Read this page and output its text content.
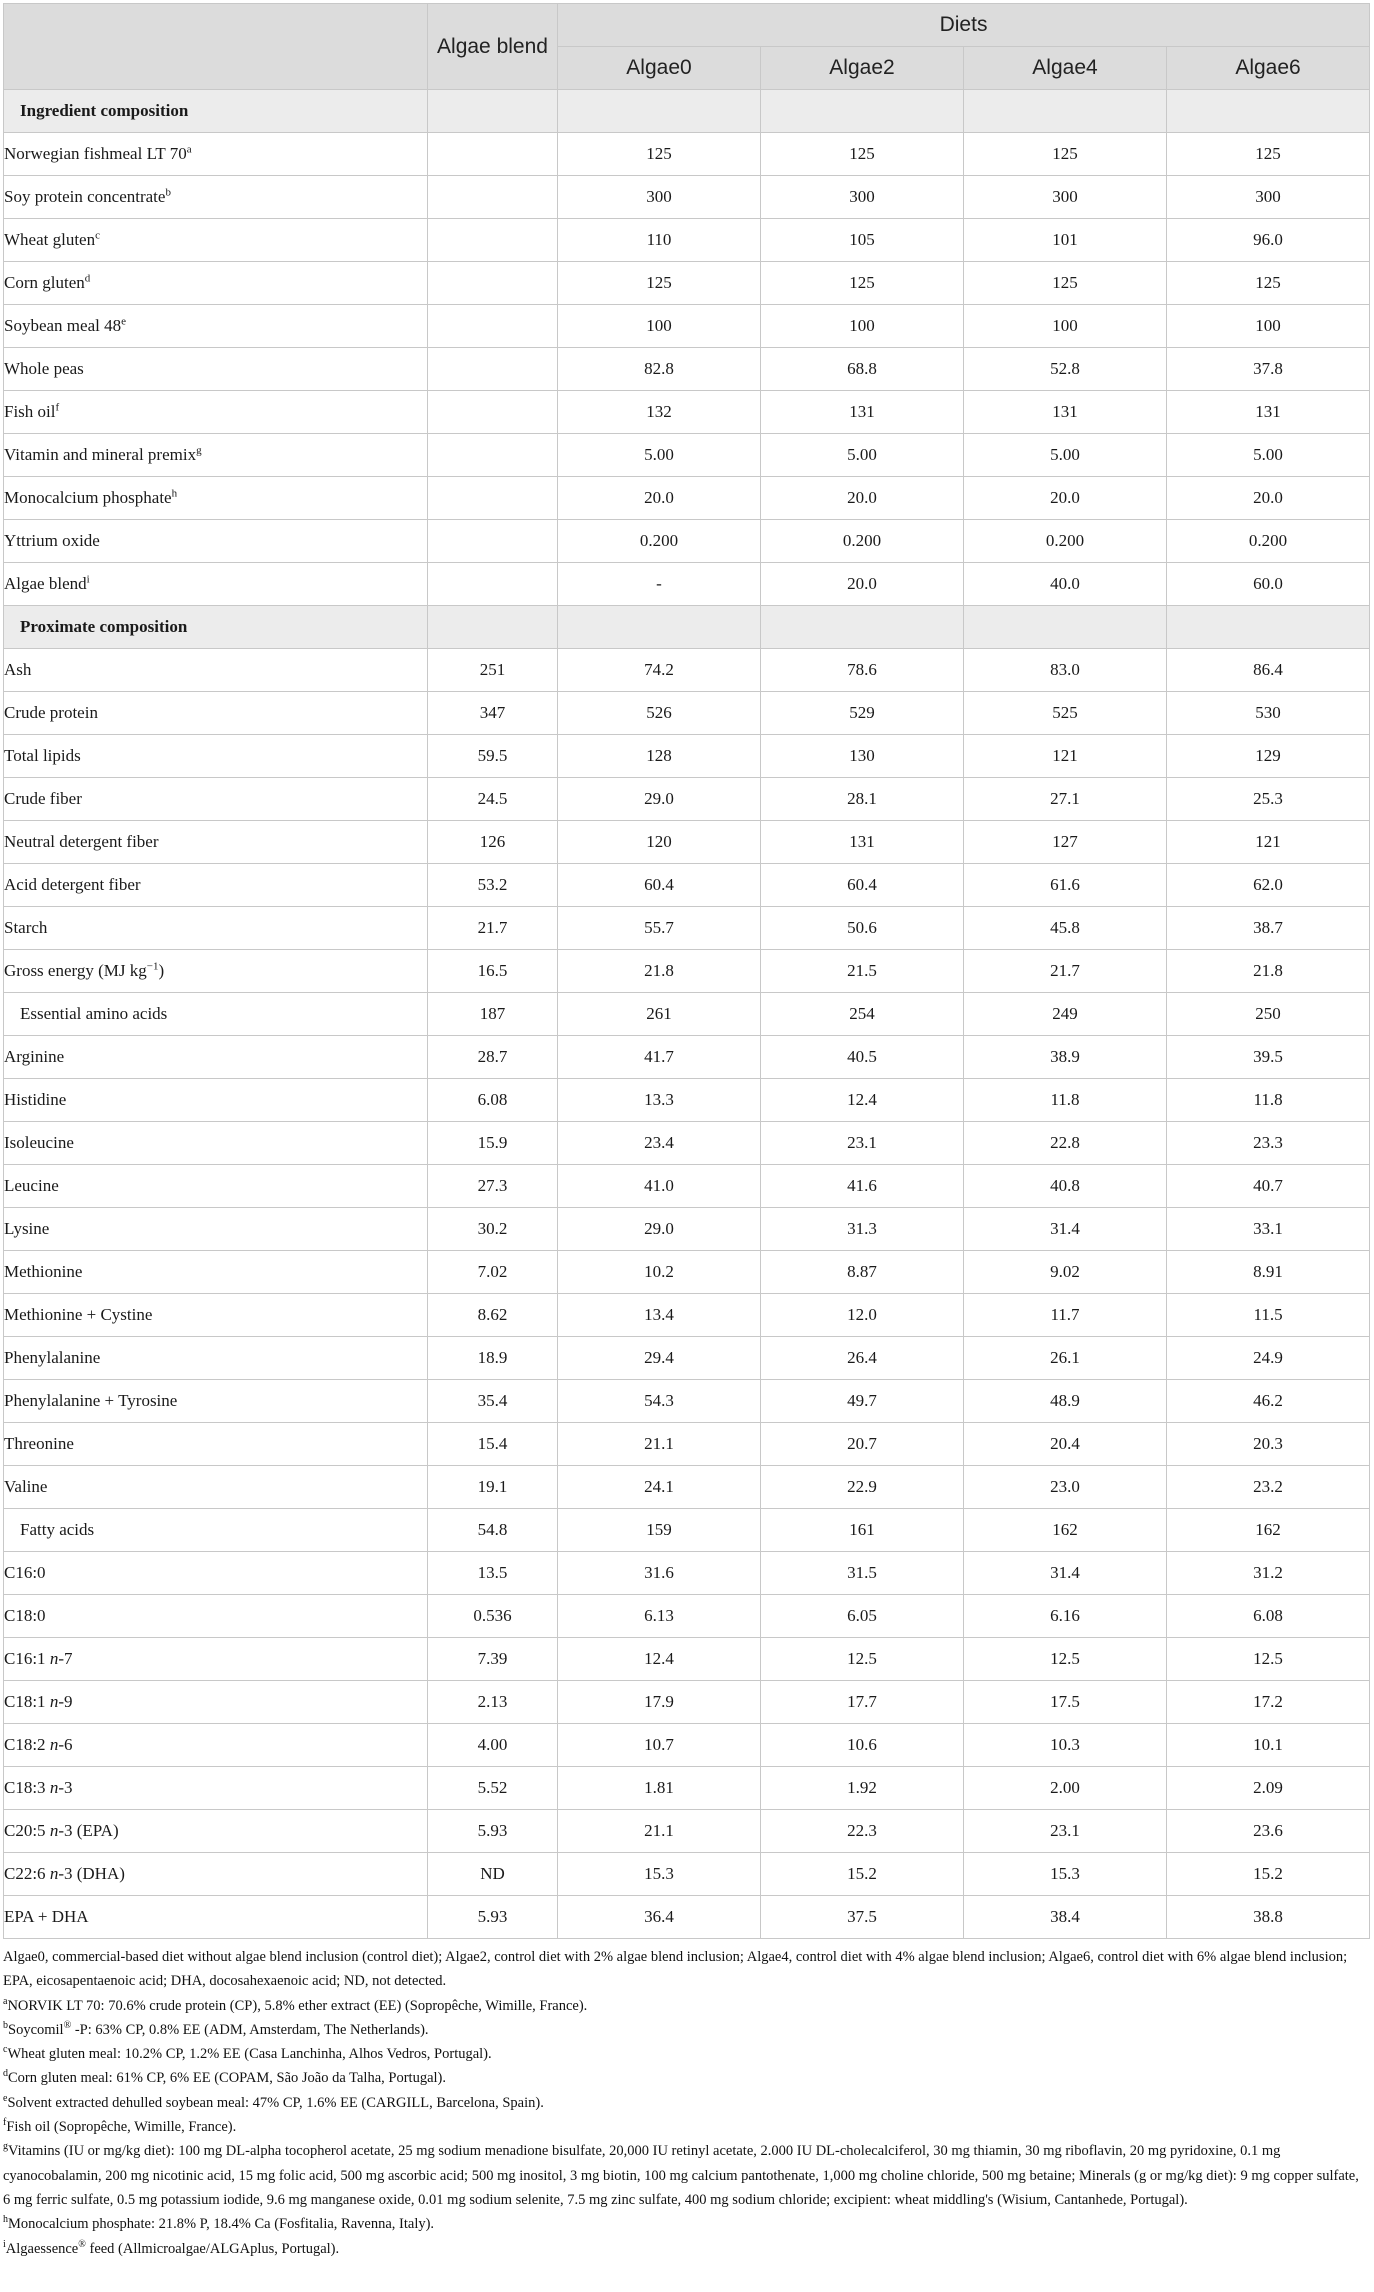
	Algae blend	Diets			
		Algae0	Algae2	Algae4	Algae6
Ingredient composition					
Norwegian fishmeal LT 70$^a$		125	125	125	125
Soy protein concentrate$^b$		300	300	300	300
Wheat gluten$^c$		110	105	101	96.0
Corn gluten$^d$		125	125	125	125
Soybean meal 48e		100	100	100	100
Whole peas		82.8	68.8	52.8	37.8
Fish oil$^f$		132	131	131	131
Vitamin and mineral premix$^g$		5.00	5.00	5.00	5.00
Monocalcium phosphate$^h$		20.0	20.0	20.0	20.0
Yttrium oxide		0.200	0.200	0.200	0.200
Algae blend$^i$		-	20.0	40.0	60.0
Proximate composition					
Ash	251	74.2	78.6	83.0	86.4
Crude protein	347	526	529	525	530
Total lipids	59.5	128	130	121	129
Crude fiber	24.5	29.0	28.1	27.1	25.3
Neutral detergent fiber	126	120	131	127	121
Acid detergent fiber	53.2	60.4	60.4	61.6	62.0
Starch	21.7	55.7	50.6	45.8	38.7
Gross energy (MJ $kg^{-1}$)	16.5	21.8	21.5	21.7	21.8
Essential amino acids	187	261	254	249	250
Arginine	28.7	41.7	40.5	38.9	39.5
Histidine	6.08	13.3	12.4	11.8	11.8
Isoleucine	15.9	23.4	23.1	22.8	23.3
Leucine	27.3	41.0	41.6	40.8	40.7
Lysine	30.2	29.0	31.3	31.4	33.1
Methionine	7.02	10.2	8.87	9.02	8.91
Methionine + Cystine	8.62	13.4	12.0	11.7	11.5
Phenylalanine	18.9	29.4	26.4	26.1	24.9
Phenylalanine + Tyrosine	35.4	54.3	49.7	48.9	46.2
Threonine	15.4	21.1	20.7	20.4	20.3
Valine	19.1	24.1	22.9	23.0	23.2
Fatty acids	54.8	159	161	162	162
C16:0	13.5	31.6	31.5	31.4	31.2
C18:0	0.536	6.13	6.05	6.16	6.08
C16:1 n-7	7.39	12.4	12.5	12.5	12.5
C18:1 n-9	2.13	17.9	17.7	17.5	17.2
C18:2 n-6	4.00	10.7	10.6	10.3	10.1
C18:3 n-3	5.52	1.81	1.92	2.00	2.09
C20:5 n-3 (EPA)	5.93	21.1	22.3	23.1	23.6
C22:6 n-3 (DHA)	ND	15.3	15.2	15.3	15.2
EPA + DHA	5.93	36.4	37.5	38.4	38.8

Algae0, commercial-based diet without algae blend inclusion (control diet); Algae2, control diet with 2% algae blend inclusion; Algae4, control diet with 4% algae blend inclusion; Algae6, control diet with 6% algae blend inclusion; EPA, eicosapentaenoic acid; DHA, docosahexaenoic acid; ND, not detected.

$^a$NORVIK LT 70: 70.6% crude protein (CP), 5.8% ether extract (EE) (Sopropêche, Wimille, France).

$^b$Soycomil® -P: 63% CP, 0.8% EE (ADM, Amsterdam, The Netherlands).

$^c$Wheat gluten meal: 10.2% CP, 1.2% EE (Casa Lanchinha, Alhos Vedros, Portugal).

$^d$Corn gluten meal: 61% CP, 6% EE (COPAM, São João da Talha, Portugal).

$^e$Solvent extracted dehulled soybean meal: 47% CP, 1.6% EE (CARGILL, Barcelona, Spain).

$^f$Fish oil (Sopropêche, Wimille, France).

$^g$Vitamins (IU or mg/kg diet): 100 mg DL-alpha tocopherol acetate, 25 mg sodium menadione bisulfate, 20,000 IU retinyl acetate, 2.000 IU DL-cholecalciferol, 30 mg thiamin, 30 mg riboflavin, 20 mg pyridoxine, 0.1 mg cyanocobalamin, 200 mg nicotinic acid, 15 mg folic acid, 500 mg ascorbic acid; 500 mg inositol, 3 mg biotin, 100 mg calcium pantothenate, 1,000 mg choline chloride, 500 mg betaine; Minerals (g or mg/kg diet): 9 mg copper sulfate, 6 mg ferric sulfate, 0.5 mg potassium iodide, 9.6 mg manganese oxide, 0.01 mg sodium selenite, 7.5 mg zinc sulfate, 400 mg sodium chloride; excipient: wheat middling's (Wisium, Cantanhede, Portugal).

$^h$Monocalcium phosphate: 21.8% P, 18.4% Ca (Fosfitalia, Ravenna, Italy).

$^i$Algaessence® feed (Allmicroalgae/ALGAplus, Portugal).
